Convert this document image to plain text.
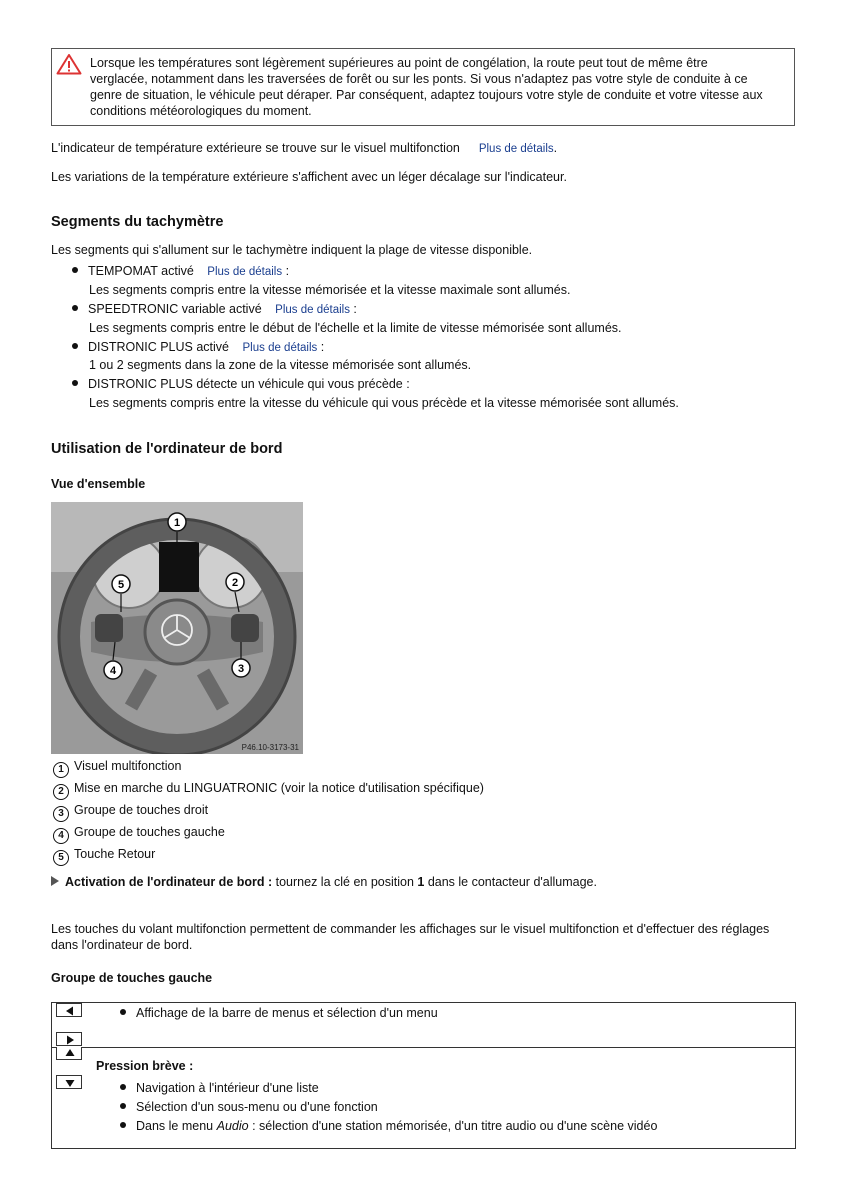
Lorsque les températures sont légèrement supérieures au point de congélation, la route peut tout de même être
verglacée, notamment dans les traversées de forêt ou sur les ponts. Si vous n'adaptez pas votre style de conduite à ce
genre de situation, le véhicule peut déraper. Par conséquent, adaptez toujours votre style de conduite et votre vitesse aux
conditions météorologiques du moment.
L'indicateur de température extérieure se trouve sur le visuel multifonction Plus de détails.
Les variations de la température extérieure s'affichent avec un léger décalage sur l'indicateur.
Segments du tachymètre
Les segments qui s'allument sur le tachymètre indiquent la plage de vitesse disponible.
TEMPOMAT activé Plus de détails :
Les segments compris entre la vitesse mémorisée et la vitesse maximale sont allumés.
SPEEDTRONIC variable activé Plus de détails :
Les segments compris entre le début de l'échelle et la limite de vitesse mémorisée sont allumés.
DISTRONIC PLUS activé Plus de détails :
1 ou 2 segments dans la zone de la vitesse mémorisée sont allumés.
DISTRONIC PLUS détecte un véhicule qui vous précède :
Les segments compris entre la vitesse du véhicule qui vous précède et la vitesse mémorisée sont allumés.
Utilisation de l'ordinateur de bord
Vue d'ensemble
1
5	2
4	3
P46.10-3173-31
1 Visuel multifonction
2 Mise en marche du LINGUATRONIC (voir la notice d'utilisation spécifique)
3 Groupe de touches droit
4 Groupe de touches gauche
5 Touche Retour
Activation de l'ordinateur de bord : tournez la clé en position 1 dans le contacteur d'allumage.
Les touches du volant multifonction permettent de commander les affichages sur le visuel multifonction et d'effectuer des réglages
dans l'ordinateur de bord.
Groupe de touches gauche
Affichage de la barre de menus et sélection d'un menu
Pression brève :
Navigation à l'intérieur d'une liste
Sélection d'un sous-menu ou d'une fonction
Dans le menu Audio : sélection d'une station mémorisée, d'un titre audio ou d'une scène vidéo
